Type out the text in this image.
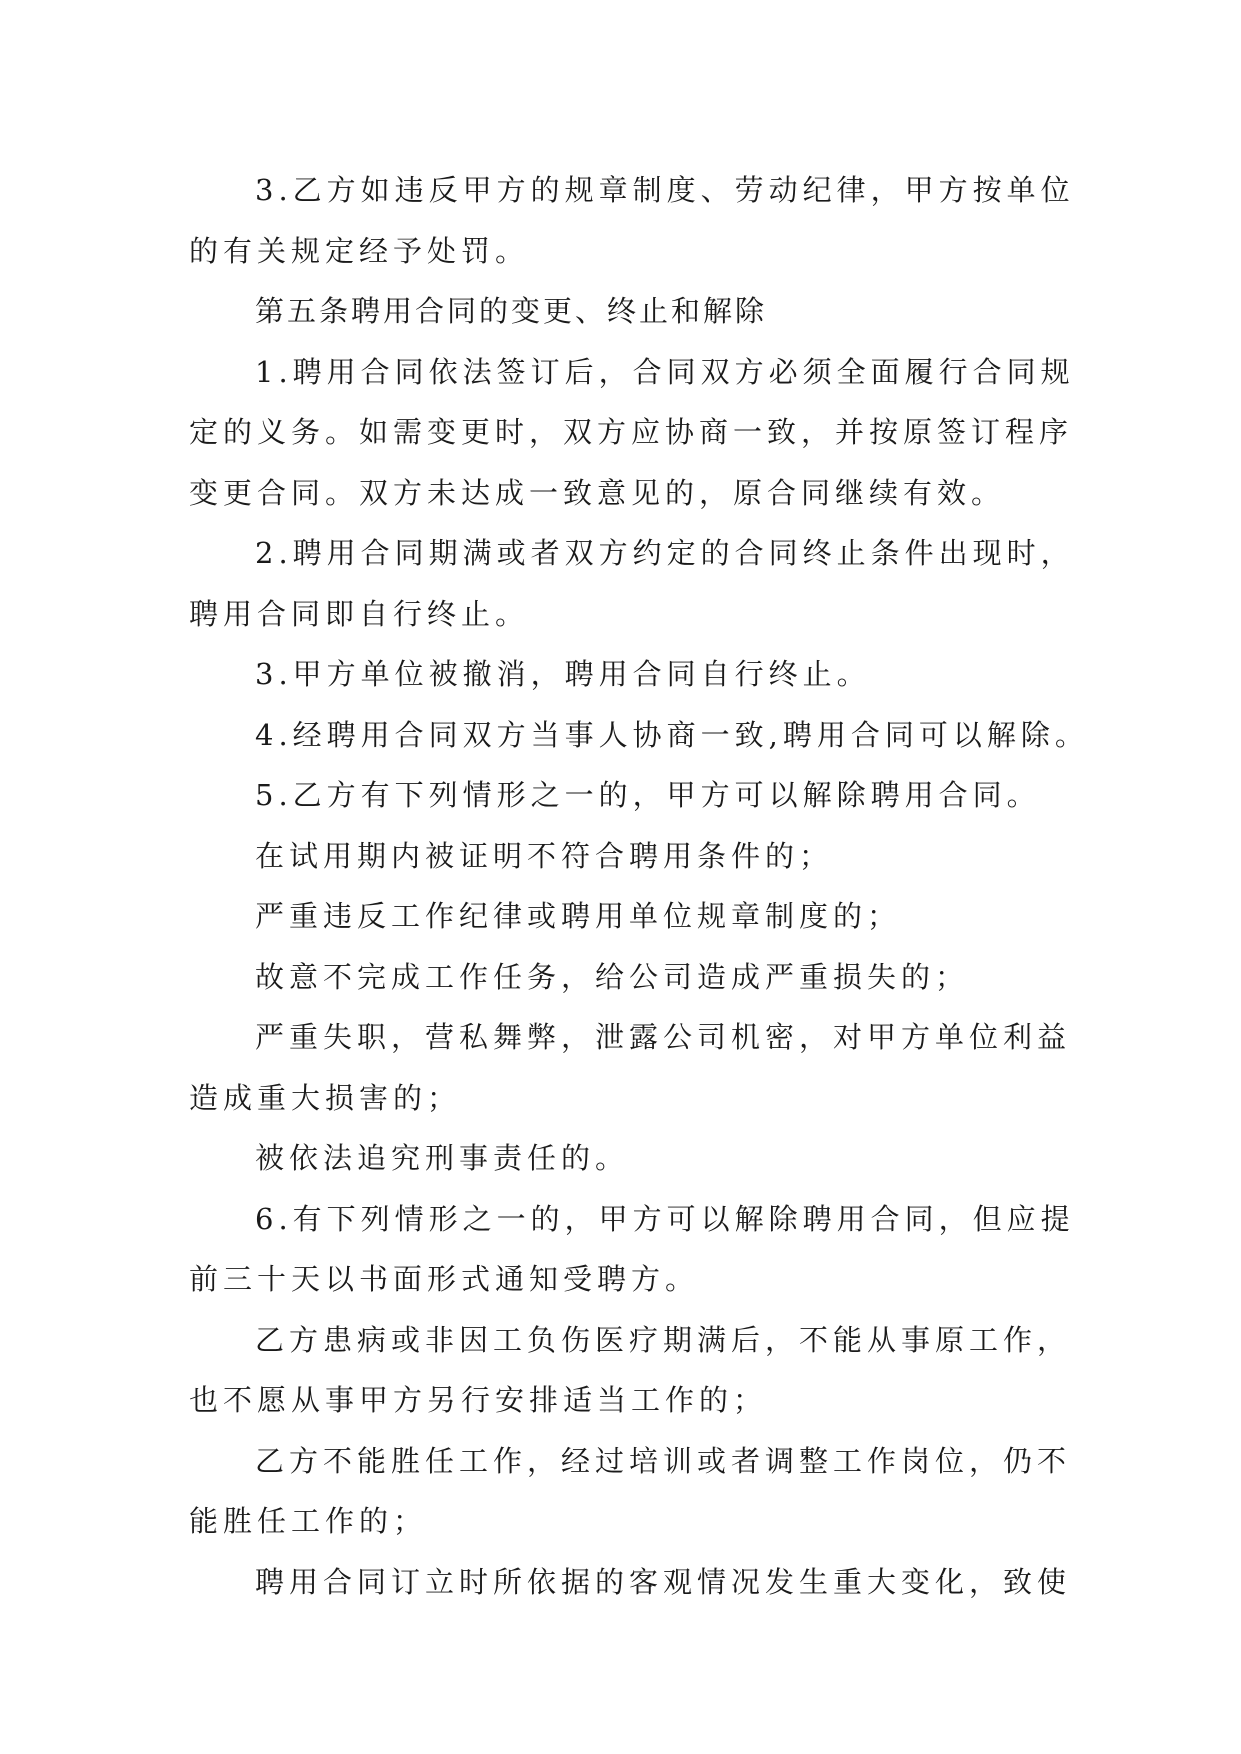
3.乙方如违反甲方的规章制度、劳动纪律，甲方按单位
的有关规定经予处罚。
第五条聘用合同的变更、终止和解除
1.聘用合同依法签订后，合同双方必须全面履行合同规
定的义务。如需变更时，双方应协商一致，并按原签订程序
变更合同。双方未达成一致意见的，原合同继续有效。
2.聘用合同期满或者双方约定的合同终止条件出现时，
聘用合同即自行终止。
3.甲方单位被撤消，聘用合同自行终止。
4.经聘用合同双方当事人协商一致,聘用合同可以解除。
5.乙方有下列情形之一的，甲方可以解除聘用合同。
在试用期内被证明不符合聘用条件的；
严重违反工作纪律或聘用单位规章制度的；
故意不完成工作任务，给公司造成严重损失的；
严重失职，营私舞弊，泄露公司机密，对甲方单位利益
造成重大损害的；
被依法追究刑事责任的。
6.有下列情形之一的，甲方可以解除聘用合同，但应提
前三十天以书面形式通知受聘方。
乙方患病或非因工负伤医疗期满后，不能从事原工作，
也不愿从事甲方另行安排适当工作的；
乙方不能胜任工作，经过培训或者调整工作岗位，仍不
能胜任工作的；
聘用合同订立时所依据的客观情况发生重大变化，致使
